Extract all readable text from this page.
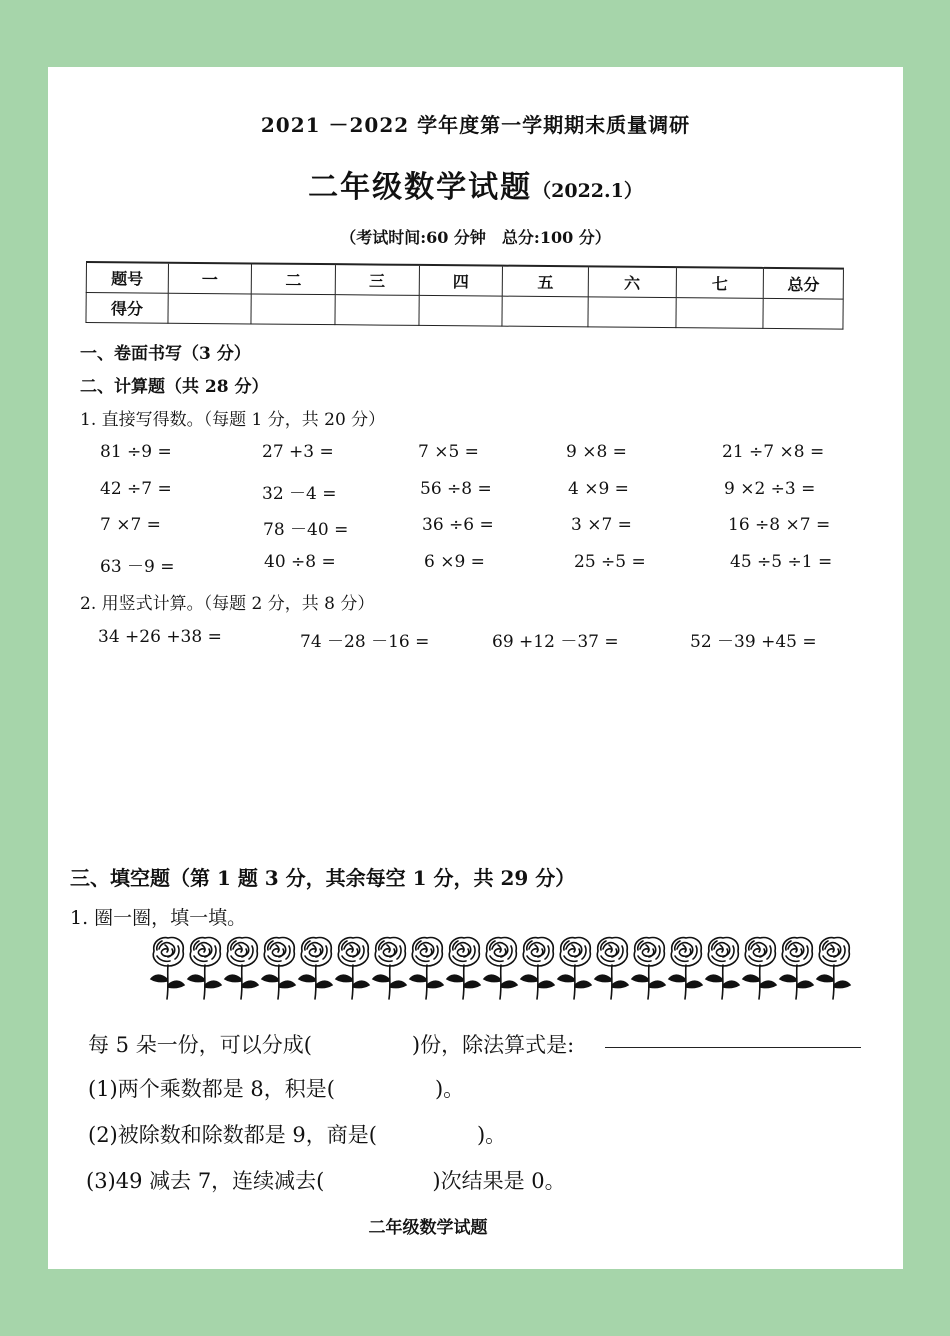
2021 －2022 学年度第一学期期末质量调研
二年级数学试题（2022.1）
（考试时间:60 分钟　总分:100 分）
题号	一	二	三	四	五	六	七	总分
得分								
一、卷面书写（3 分）
二、计算题（共 28 分）
1. 直接写得数。（每题 1 分，共 20 分）
81 ÷9 =	27 +3 =	7 ×5 =	9 ×8 =	21 ÷7 ×8 =
42 ÷7 =	32 －4 =	56 ÷8 =	4 ×9 =	9 ×2 ÷3 =
7 ×7 =	78 －40 =	36 ÷6 =	3 ×7 =	16 ÷8 ×7 =
63 －9 =	40 ÷8 =	6 ×9 =	25 ÷5 =	45 ÷5 ÷1 =
2. 用竖式计算。（每题 2 分，共 8 分）
34 +26 +38 =	74 －28 －16 =	69 +12 －37 =	52 －39 +45 =
三、填空题（第 1 题 3 分，其余每空 1 分，共 29 分）
1. 圈一圈，填一填。
每 5 朵一份，可以分成(	)份，除法算式是:
(1)两个乘数都是 8，积是(	)。
(2)被除数和除数都是 9，商是(	)。
(3)49 减去 7，连续减去(	)次结果是 0。
二年级数学试题
